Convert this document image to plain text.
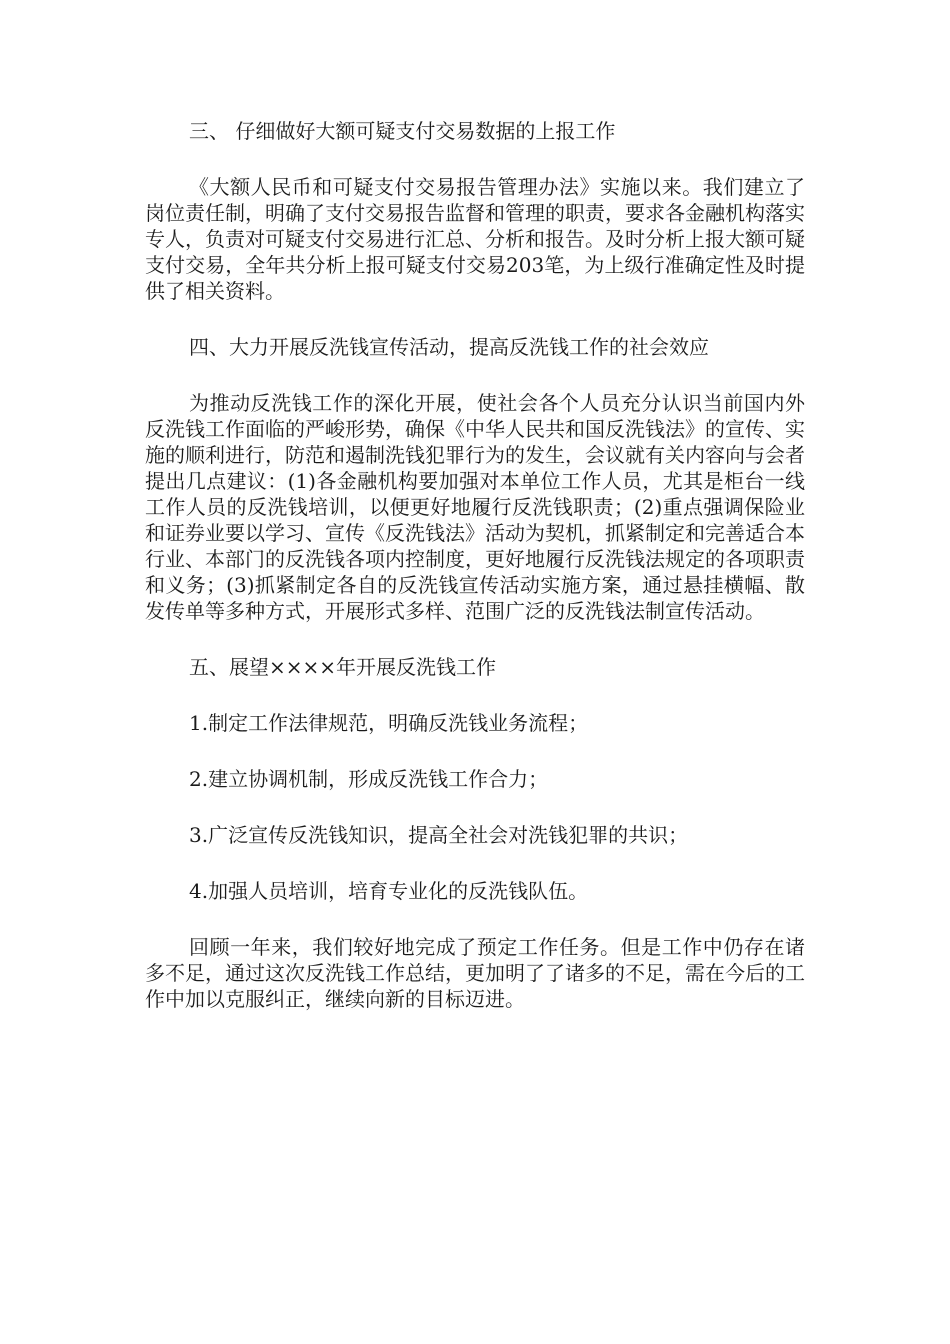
三、 仔细做好大额可疑支付交易数据的上报工作

《大额人民币和可疑支付交易报告管理办法》实施以来。我们建立了岗位责任制，明确了支付交易报告监督和管理的职责，要求各金融机构落实专人，负责对可疑支付交易进行汇总、分析和报告。及时分析上报大额可疑支付交易，全年共分析上报可疑支付交易203笔，为上级行准确定性及时提供了相关资料。

四、大力开展反洗钱宣传活动，提高反洗钱工作的社会效应

为推动反洗钱工作的深化开展，使社会各个人员充分认识当前国内外反洗钱工作面临的严峻形势，确保《中华人民共和国反洗钱法》的宣传、实施的顺利进行，防范和遏制洗钱犯罪行为的发生，会议就有关内容向与会者提出几点建议：(1)各金融机构要加强对本单位工作人员，尤其是柜台一线工作人员的反洗钱培训，以便更好地履行反洗钱职责；(2)重点强调保险业和证券业要以学习、宣传《反洗钱法》活动为契机，抓紧制定和完善适合本行业、本部门的反洗钱各项内控制度，更好地履行反洗钱法规定的各项职责和义务；(3)抓紧制定各自的反洗钱宣传活动实施方案，通过悬挂横幅、散发传单等多种方式，开展形式多样、范围广泛的反洗钱法制宣传活动。

五、展望××××年开展反洗钱工作

1.制定工作法律规范，明确反洗钱业务流程；

2.建立协调机制，形成反洗钱工作合力；

3.广泛宣传反洗钱知识，提高全社会对洗钱犯罪的共识；

4.加强人员培训，培育专业化的反洗钱队伍。

回顾一年来，我们较好地完成了预定工作任务。但是工作中仍存在诸多不足，通过这次反洗钱工作总结，更加明了了诸多的不足，需在今后的工作中加以克服纠正，继续向新的目标迈进。
